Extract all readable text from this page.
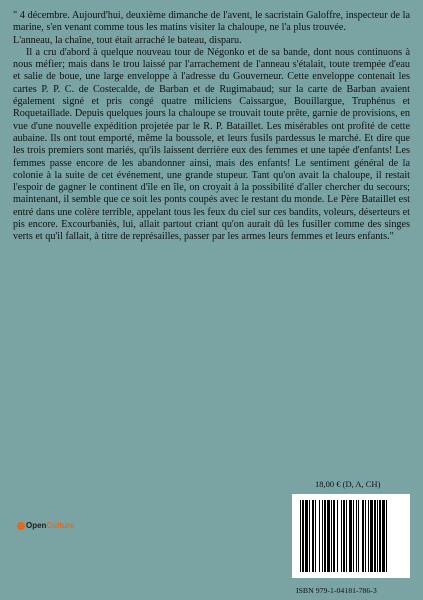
" 4 décembre. Aujourd'hui, deuxième dimanche de l'avent, le sacristain Galoffre, inspecteur de la marine, s'en venant comme tous les matins visiter la chaloupe, ne l'a plus trouvée.

L'anneau, la chaîne, tout était arraché le bateau, disparu.

Il a cru d'abord à quelque nouveau tour de Négonko et de sa bande, dont nous continuons à nous méfier; mais dans le trou laissé par l'arrachement de l'anneau s'étalait, toute trempée d'eau et salie de boue, une large enveloppe à l'adresse du Gouverneur. Cette enveloppe contenait les cartes P. P. C. de Costecalde, de Barban et de Rugimabaud; sur la carte de Barban avaient également signé et pris congé quatre miliciens Caissargue, Bouillargue, Truphénus et Roquetaillade. Depuis quelques jours la chaloupe se trouvait toute prête, garnie de provisions, en vue d'une nouvelle expédition projetée par le R. P. Bataillet. Les misérables ont profité de cette aubaine. Ils ont tout emporté, même la boussole, et leurs fusils pardessus le marché. Et dire que les trois premiers sont mariés, qu'ils laissent derrière eux des femmes et une tapée d'enfants! Les femmes passe encore de les abandonner ainsi, mais des enfants! Le sentiment général de la colonie à la suite de cet événement, une grande stupeur. Tant qu'on avait la chaloupe, il restait l'espoir de gagner le continent d'île en île, on croyait à la possibilité d'aller chercher du secours; maintenant, il semble que ce soit les ponts coupés avec le restant du monde. Le Père Bataillet est entré dans une colère terrible, appelant tous les feux du ciel sur ces bandits, voleurs, déserteurs et pis encore. Excourbaniès, lui, allait partout criant qu'on aurait dû les fusiller comme des singes verts et qu'il fallait, à titre de représailles, passer par les armes leurs femmes et leurs enfants."

18,00 € (D, A, CH)
OpenCulture
ISBN 979-1-04181-786-3
